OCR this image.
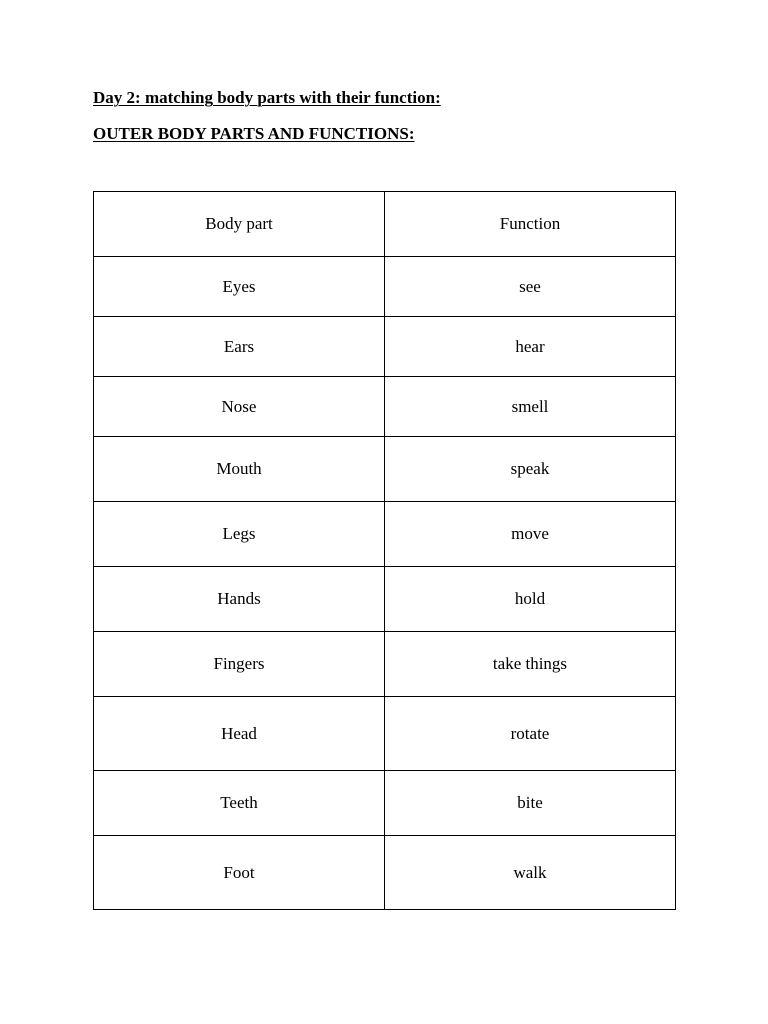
Day 2: matching body parts with their function:

OUTER BODY PARTS AND FUNCTIONS:

Body part	Function
Eyes	see
Ears	hear
Nose	smell
Mouth	speak
Legs	move
Hands	hold
Fingers	take things
Head	rotate
Teeth	bite
Foot	walk
